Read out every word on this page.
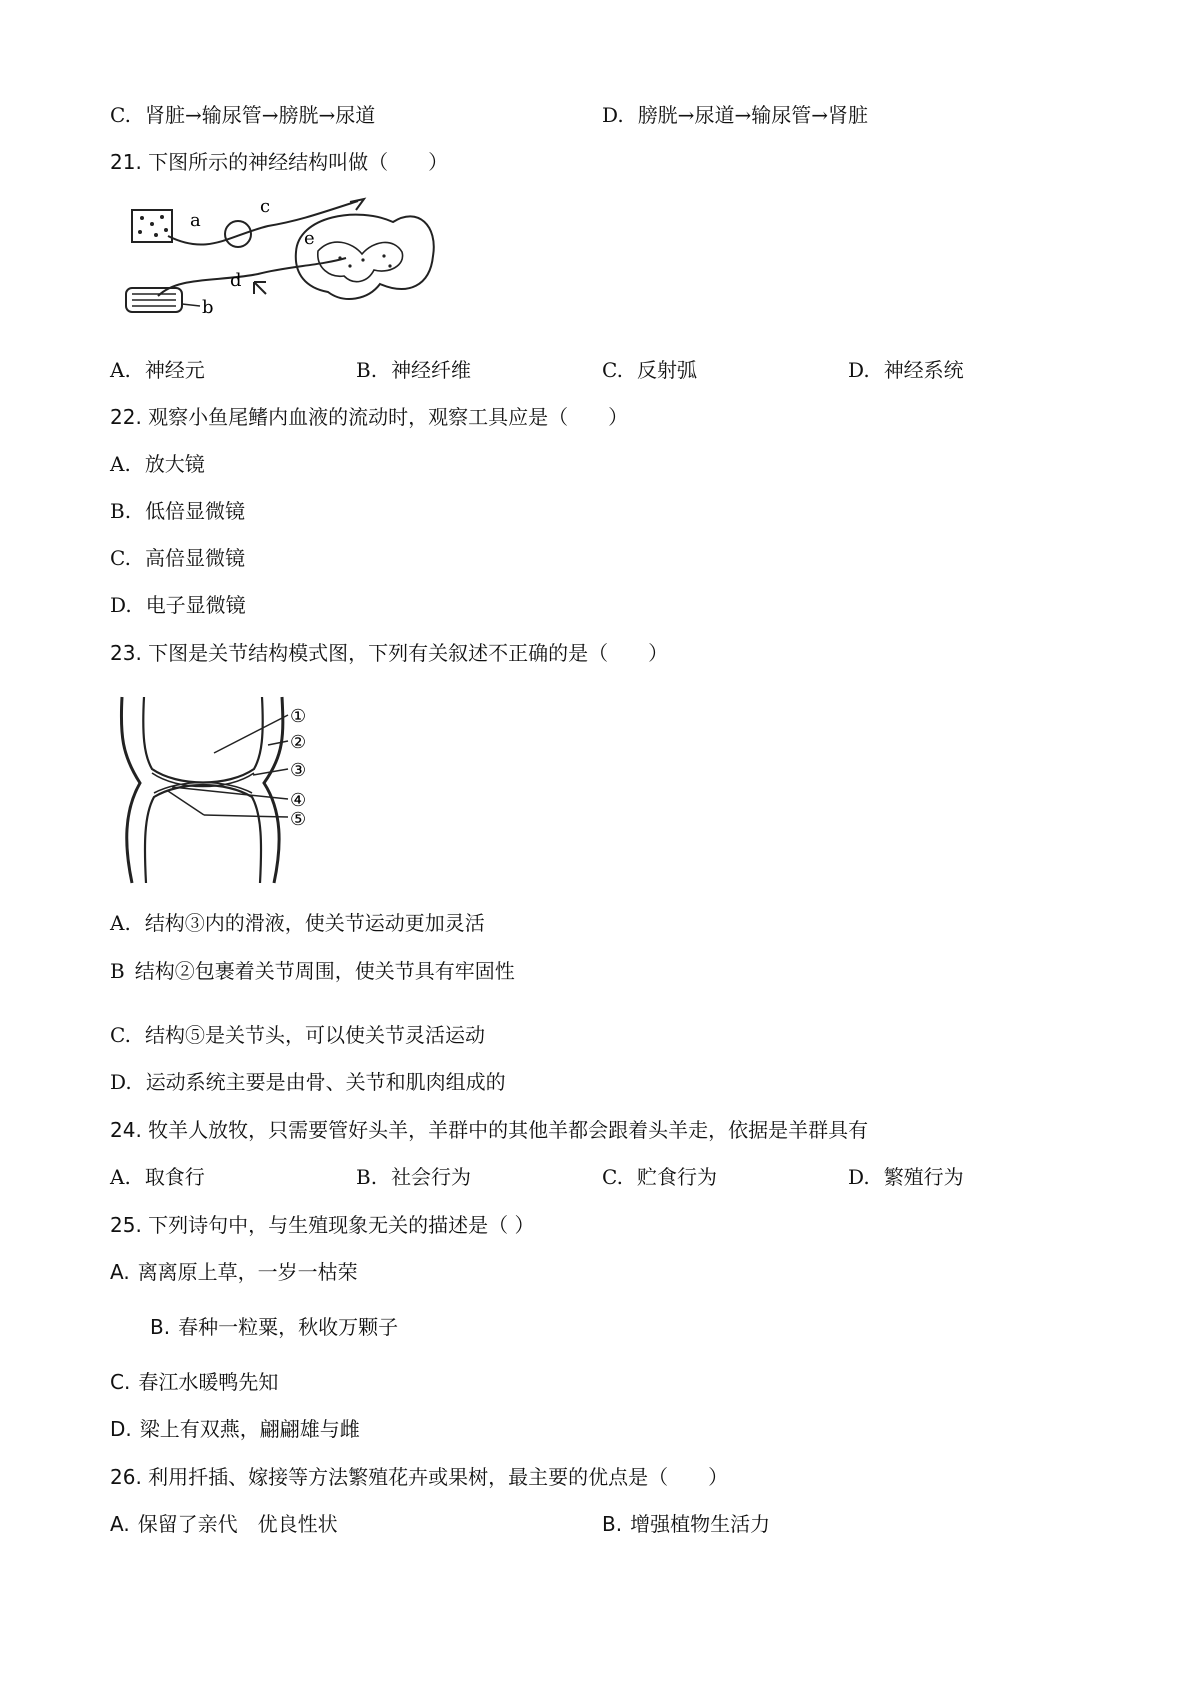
C. 肾脏→输尿管→膀胱→尿道	D. 膀胱→尿道→输尿管→肾脏
21. 下图所示的神经结构叫做（　　）
a
c
e
d
b
A. 神经元	B. 神经纤维	C. 反射弧	D. 神经系统
22. 观察小鱼尾鳍内血液的流动时，观察工具应是（　　）
A. 放大镜
B. 低倍显微镜
C. 高倍显微镜
D. 电子显微镜
23. 下图是关节结构模式图，下列有关叙述不正确的是（　　）
①
②
③
④
⑤
A. 结构③内的滑液，使关节运动更加灵活
B 结构②包裹着关节周围，使关节具有牢固性
C. 结构⑤是关节头，可以使关节灵活运动
D. 运动系统主要是由骨、关节和肌肉组成的
24. 牧羊人放牧，只需要管好头羊，羊群中的其他羊都会跟着头羊走，依据是羊群具有
A. 取食行	B. 社会行为	C. 贮食行为	D. 繁殖行为
25. 下列诗句中，与生殖现象无关的描述是（ ）
A. 离离原上草，一岁一枯荣
B. 春种一粒粟，秋收万颗子
C. 春江水暖鸭先知
D. 梁上有双燕，翩翩雄与雌
26. 利用扦插、嫁接等方法繁殖花卉或果树，最主要的优点是（　　）
A. 保留了亲代　优良性状	B. 增强植物生活力
